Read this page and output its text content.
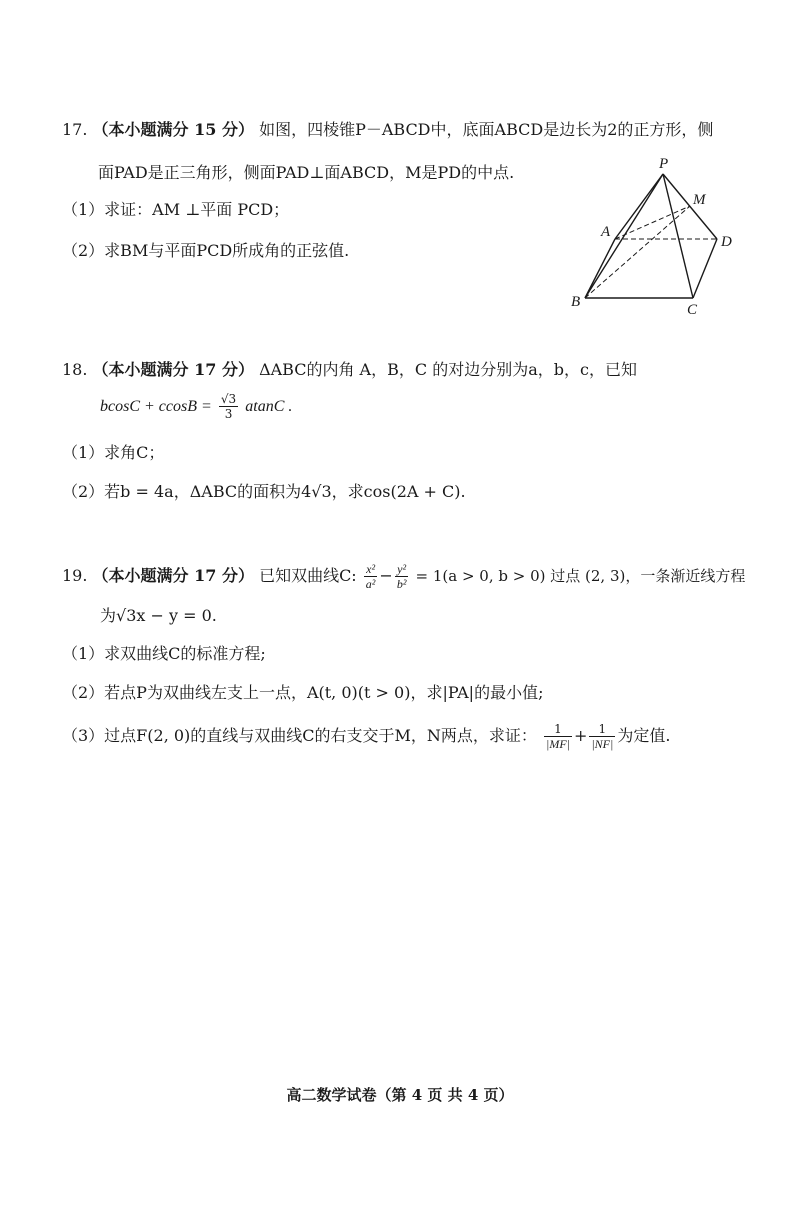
17. （本小题满分 15 分） 如图，四棱锥P－ABCD中，底面ABCD是边长为2的正方形，侧
面PAD是正三角形，侧面PAD⊥面ABCD，M是PD的中点.
（1）求证：AM ⊥平面 PCD；
（2）求BM与平面PCD所成角的正弦值.
P
M
A
D
B	C
18. （本小题满分 17 分） ΔABC的内角 A，B，C 的对边分别为a，b，c，已知
$bcosC + ccosB = \frac{√3}{3}$ atanC .
（1）求角C；
（2）若b = 4a，ΔABC的面积为4√3，求cos(2A + C).
19. （本小题满分 17 分） 已知双曲线C: $\frac{\text{x²}}{\text{a²}} - \frac{\text{y²}}{\text{b²}} = 1(a > 0$, b > 0) 过点 (2, 3)，一条渐近线方程
为√3x − y = 0.
（1）求双曲线C的标准方程;
（2）若点P为双曲线左支上一点，A(t, 0)(t > 0)，求|PA|的最小值;
（3）过点F(2, 0)的直线与双曲线C的右支交于M，N两点，求证： $\frac{1}{|MF|} + \frac{1}{|NF|}$ 为定值.
高二数学试卷（第 4 页 共 4 页）
